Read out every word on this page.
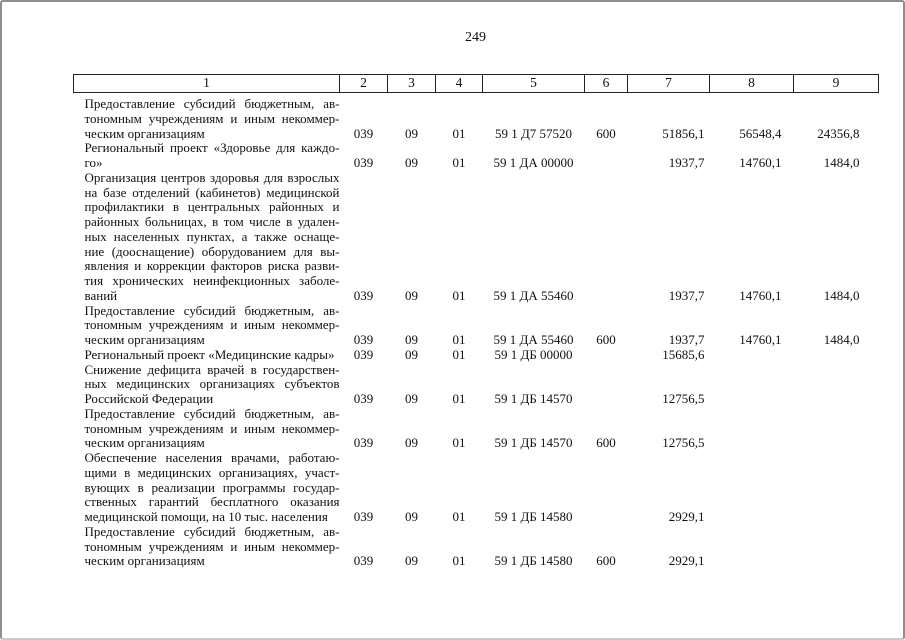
249
1	2	3	4	5	6	7	8	9

Предоставление субсидий бюджетным, ав-
тономным учреждениям и иным некоммер-
ческим организациям	039	09	01	59 1 Д7 57520	600	51856,1	56548,4	24356,8

Региональный проект «Здоровье для каждо-
го»	039	09	01	59 1 ДА 00000		1937,7	14760,1	1484,0

Организация центров здоровья для взрослых
на базе отделений (кабинетов) медицинской
профилактики в центральных районных и
районных больницах, в том числе в удален-
ных населенных пунктах, а также оснаще-
ние (дооснащение) оборудованием для вы-
явления и коррекции факторов риска разви-
тия хронических неинфекционных заболе-
ваний	039	09	01	59 1 ДА 55460		1937,7	14760,1	1484,0

Предоставление субсидий бюджетным, ав-
тономным учреждениям и иным некоммер-
ческим организациям	039	09	01	59 1 ДА 55460	600	1937,7	14760,1	1484,0

Региональный проект «Медицинские кадры»	039	09	01	59 1 ДБ 00000		15685,6		

Снижение дефицита врачей в государствен-
ных медицинских организациях субъектов
Российской Федерации	039	09	01	59 1 ДБ 14570		12756,5		

Предоставление субсидий бюджетным, ав-
тономным учреждениям и иным некоммер-
ческим организациям	039	09	01	59 1 ДБ 14570	600	12756,5		

Обеспечение населения врачами, работаю-
щими в медицинских организациях, участ-
вующих в реализации программы государ-
ственных гарантий бесплатного оказания
медицинской помощи, на 10 тыс. населения	039	09	01	59 1 ДБ 14580		2929,1		

Предоставление субсидий бюджетным, ав-
тономным учреждениям и иным некоммер-
ческим организациям	039	09	01	59 1 ДБ 14580	600	2929,1		
